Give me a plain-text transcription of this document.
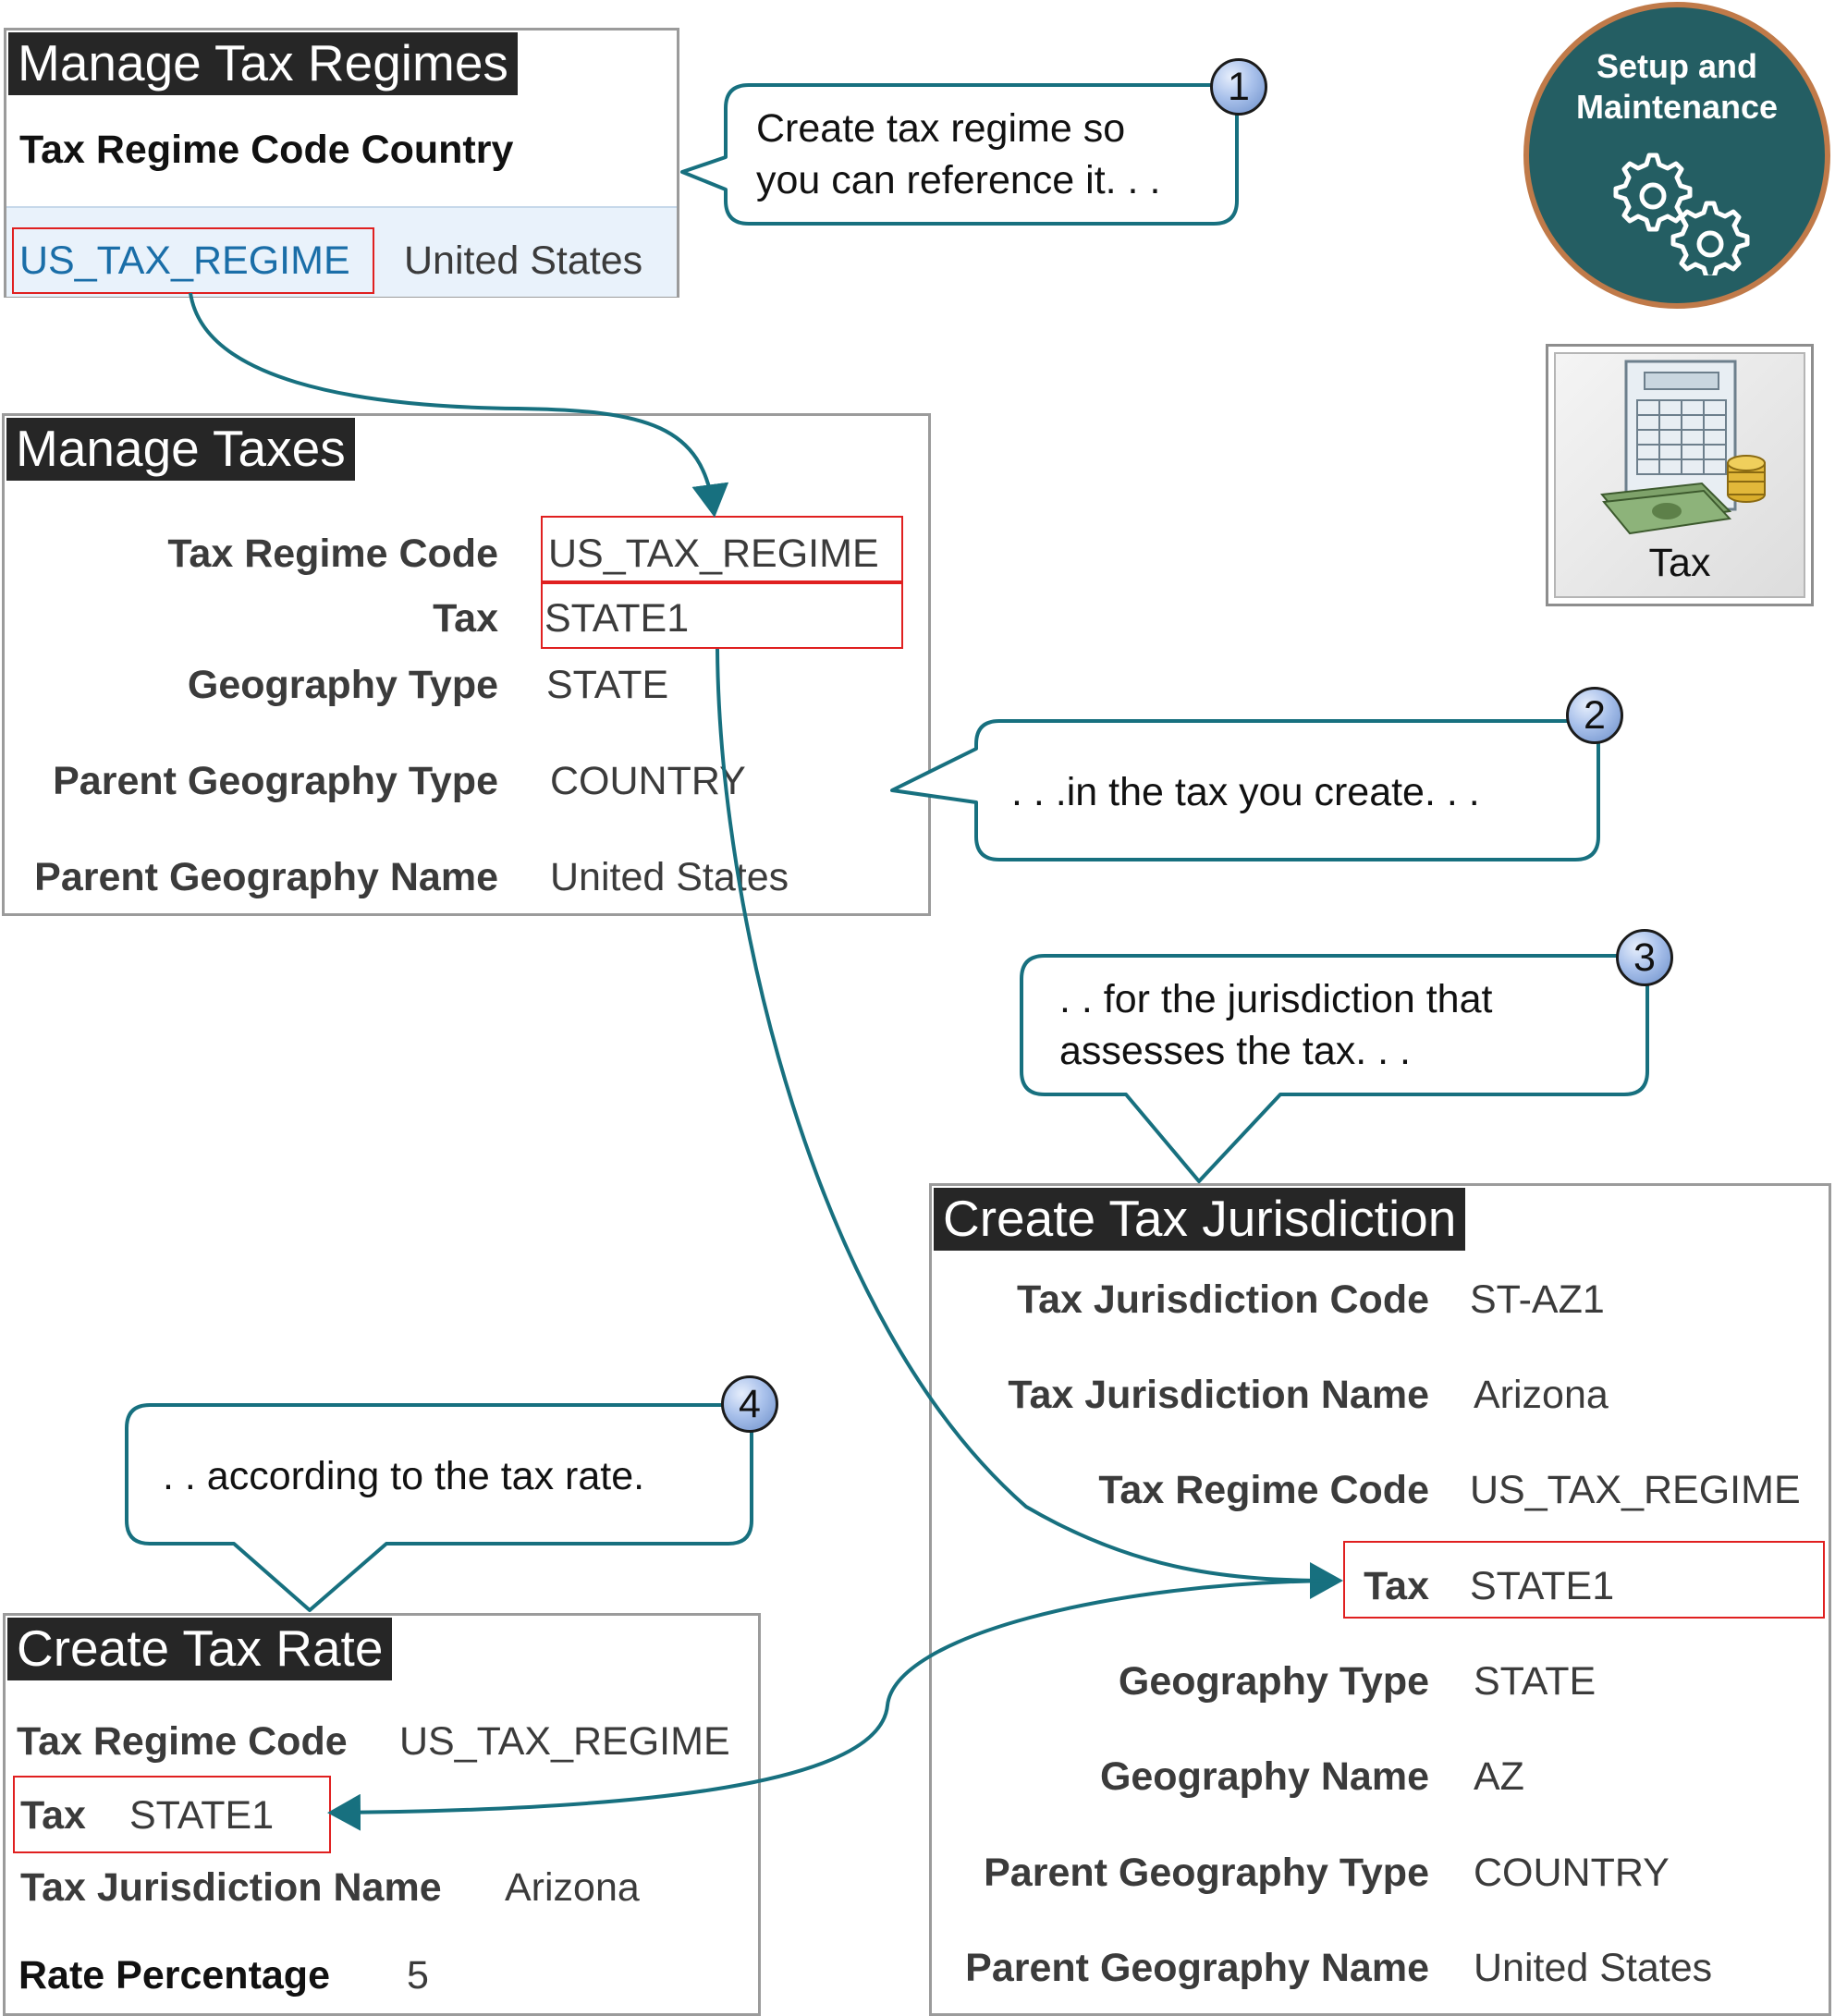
Manage Tax Regimes
Tax Regime Code Country
US_TAX_REGIME United States
Manage Taxes
Tax Regime Code US_TAX_REGIME
Tax STATE1
Geography Type STATE
Parent Geography Type COUNTRY
Parent Geography Name United States
Create Tax Jurisdiction
Tax Jurisdiction Code ST-AZ1
Tax Jurisdiction Name Arizona
Tax Regime Code US_TAX_REGIME
Tax STATE1
Geography Type STATE
Geography Name AZ
Parent Geography Type COUNTRY
Parent Geography Name United States
Create Tax Rate
Tax Regime Code US_TAX_REGIME
Tax STATE1
Tax Jurisdiction Name Arizona
Rate Percentage 5
Create tax regime so
you can reference it. . .
. . .in the tax you create. . .
. . for the jurisdiction that
assesses the tax. . .
. . according to the tax rate.
1
2
3
4
Setup and
Maintenance
Tax
